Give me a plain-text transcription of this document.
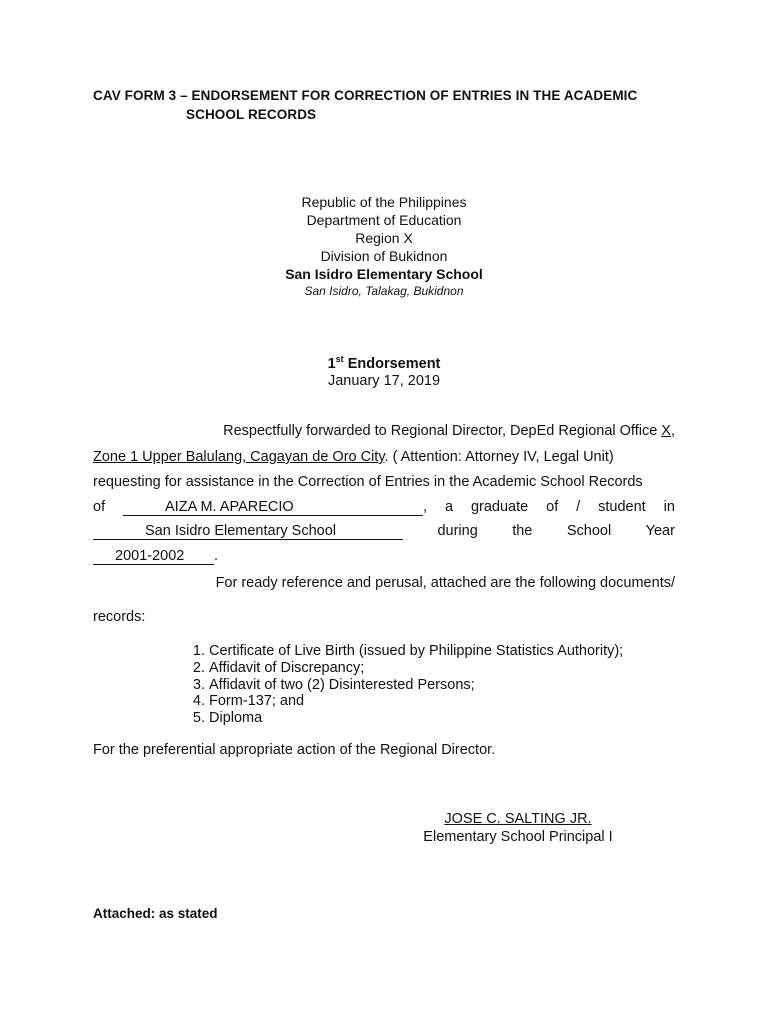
CAV FORM 3 – ENDORSEMENT FOR CORRECTION OF ENTRIES IN THE ACADEMIC
SCHOOL RECORDS
Republic of the Philippines
Department of Education
Region X
Division of Bukidnon
San Isidro Elementary School
San Isidro, Talakag, Bukidnon
1st Endorsement
January 17, 2019
Respectfully forwarded to Regional Director, DepEd Regional Office X,
Zone 1 Upper Balulang, Cagayan de Oro City. ( Attention: Attorney IV, Legal Unit)
requesting for assistance in the Correction of Entries in the Academic School Records
of	AIZA M. APARECIO	, a graduate of / student in
San Isidro Elementary School	during the School Year
2001-2002 .
For ready reference and perusal, attached are the following documents/
records:
1. Certificate of Live Birth (issued by Philippine Statistics Authority);
2. Affidavit of Discrepancy;
3. Affidavit of two (2) Disinterested Persons;
4. Form-137; and
5. Diploma
For the preferential appropriate action of the Regional Director.
JOSE C. SALTING JR.
Elementary School Principal I
Attached: as stated
